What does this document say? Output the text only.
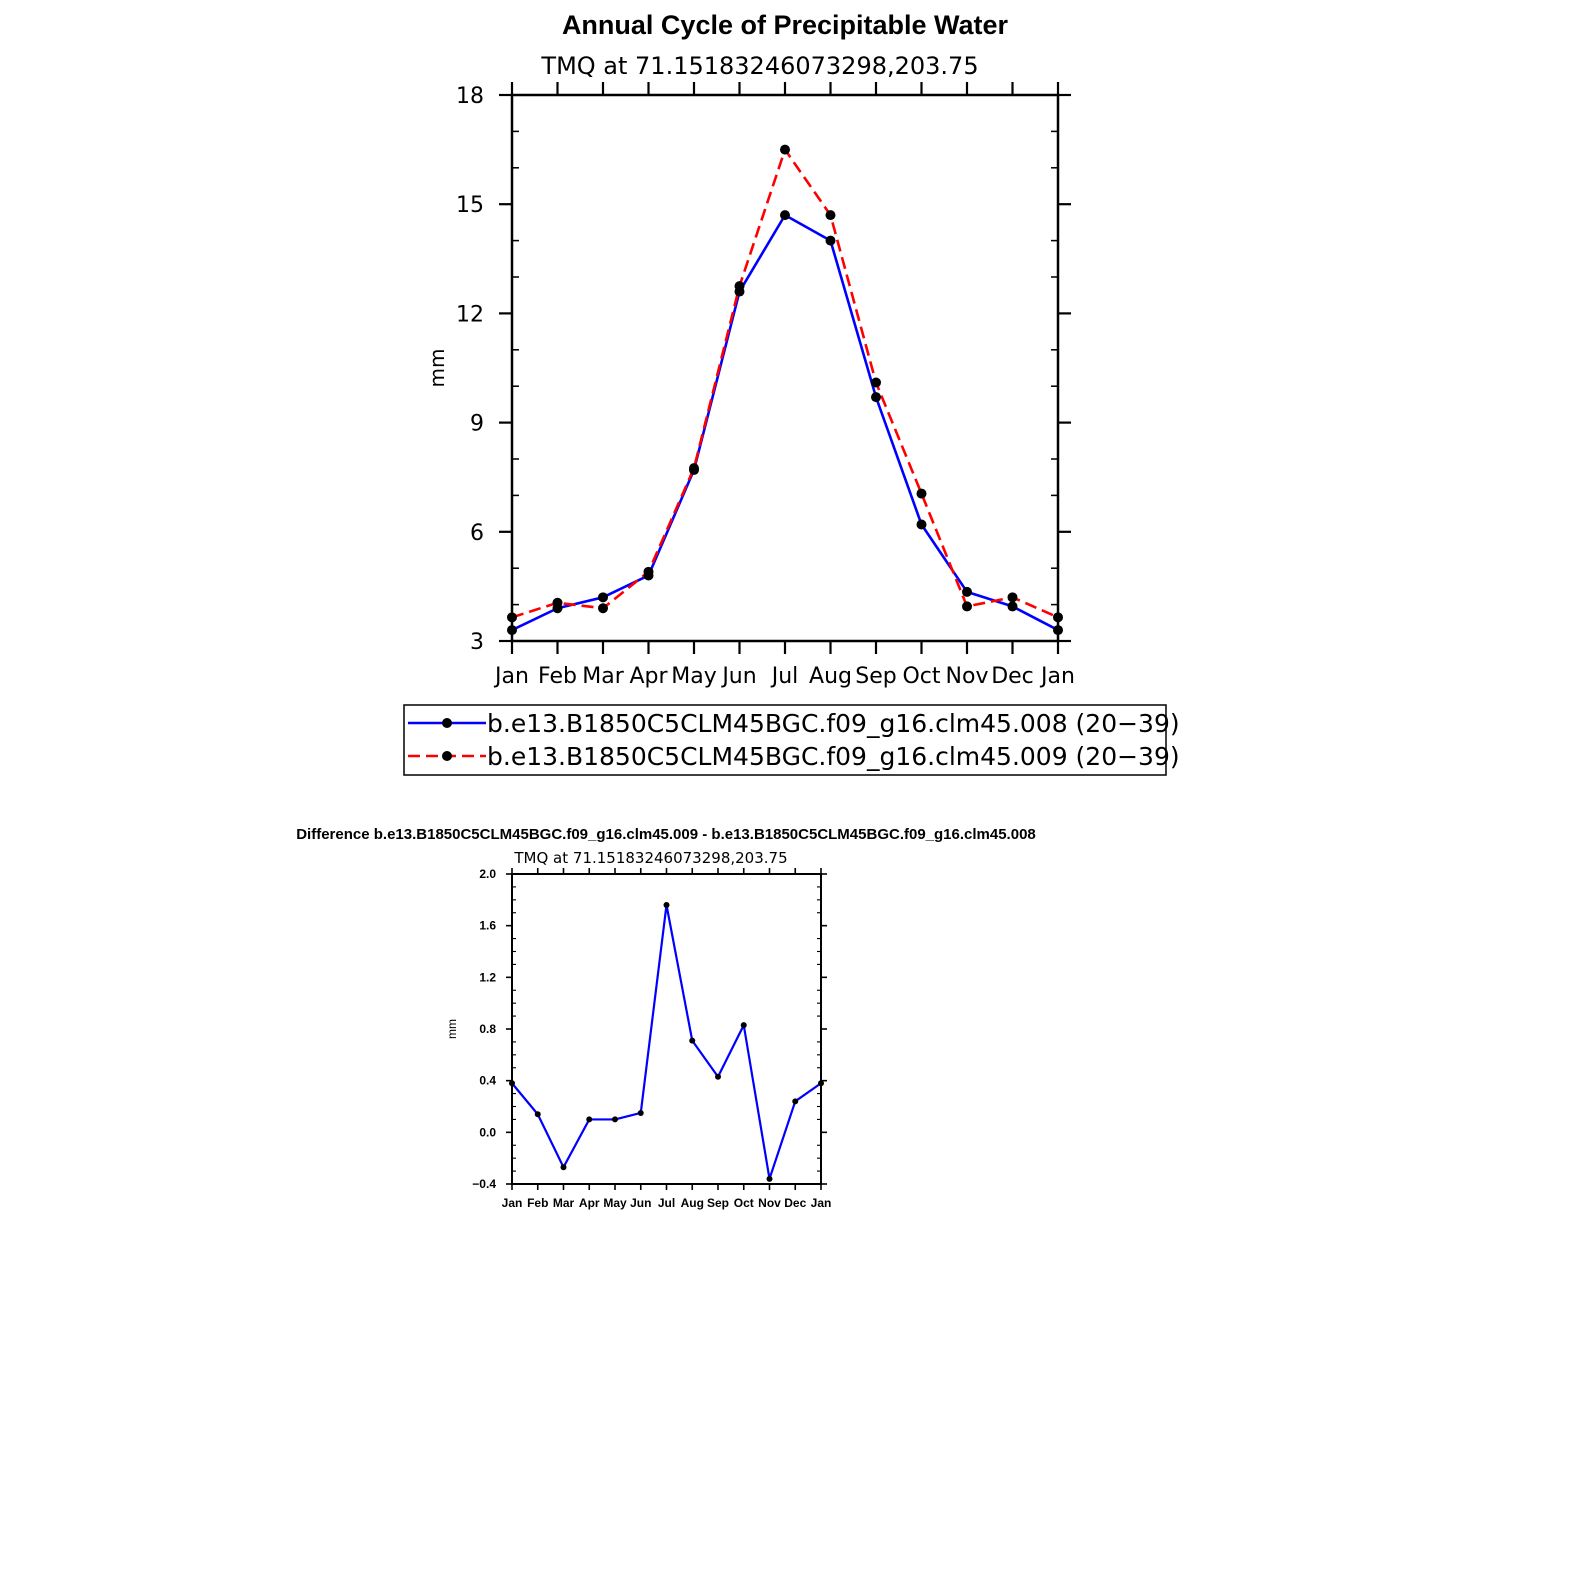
Annual Cycle of Precipitable Water
TMQ at 71.15183246073298,203.75
3
6
9
12
15
18
Jan Feb Mar Apr May Jun Jul Aug Sep Oct Nov Dec Jan
mm
b.e13.B1850C5CLM45BGC.f09_g16.clm45.008 (20−39)
b.e13.B1850C5CLM45BGC.f09_g16.clm45.009 (20−39)
Difference b.e13.B1850C5CLM45BGC.f09_g16.clm45.009 - b.e13.B1850C5CLM45BGC.f09_g16.clm45.008
TMQ at 71.15183246073298,203.75
−0.4
0.0
0.4
0.8
1.2
1.6
2.0
Jan Feb Mar Apr May Jun Jul Aug Sep Oct Nov Dec Jan
mm
